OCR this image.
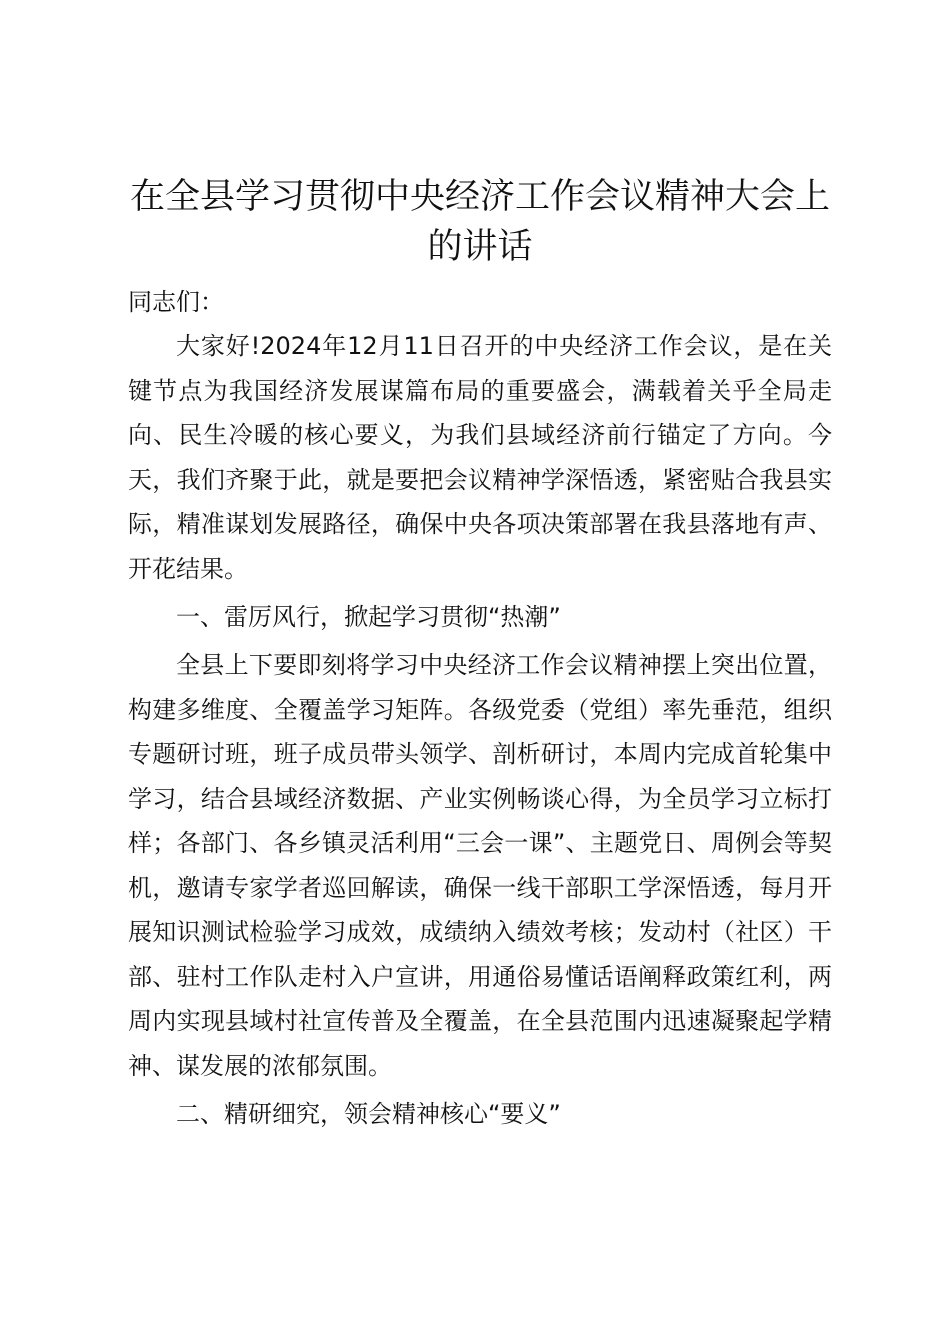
在全县学习贯彻中央经济工作会议精神大会上
的讲话

同志们：

大家好!2024年12月11日召开的中央经济工作会议，是在关键节点为我国经济发展谋篇布局的重要盛会，满载着关乎全局走向、民生冷暖的核心要义，为我们县域经济前行锚定了方向。今天，我们齐聚于此，就是要把会议精神学深悟透，紧密贴合我县实际，精准谋划发展路径，确保中央各项决策部署在我县落地有声、开花结果。

一、雷厉风行，掀起学习贯彻“热潮”

全县上下要即刻将学习中央经济工作会议精神摆上突出位置，构建多维度、全覆盖学习矩阵。各级党委（党组）率先垂范，组织专题研讨班，班子成员带头领学、剖析研讨，本周内完成首轮集中学习，结合县域经济数据、产业实例畅谈心得，为全员学习立标打样；各部门、各乡镇灵活利用“三会一课”、主题党日、周例会等契机，邀请专家学者巡回解读，确保一线干部职工学深悟透，每月开展知识测试检验学习成效，成绩纳入绩效考核；发动村（社区）干部、驻村工作队走村入户宣讲，用通俗易懂话语阐释政策红利，两周内实现县域村社宣传普及全覆盖，在全县范围内迅速凝聚起学精神、谋发展的浓郁氛围。

二、精研细究，领会精神核心“要义”
